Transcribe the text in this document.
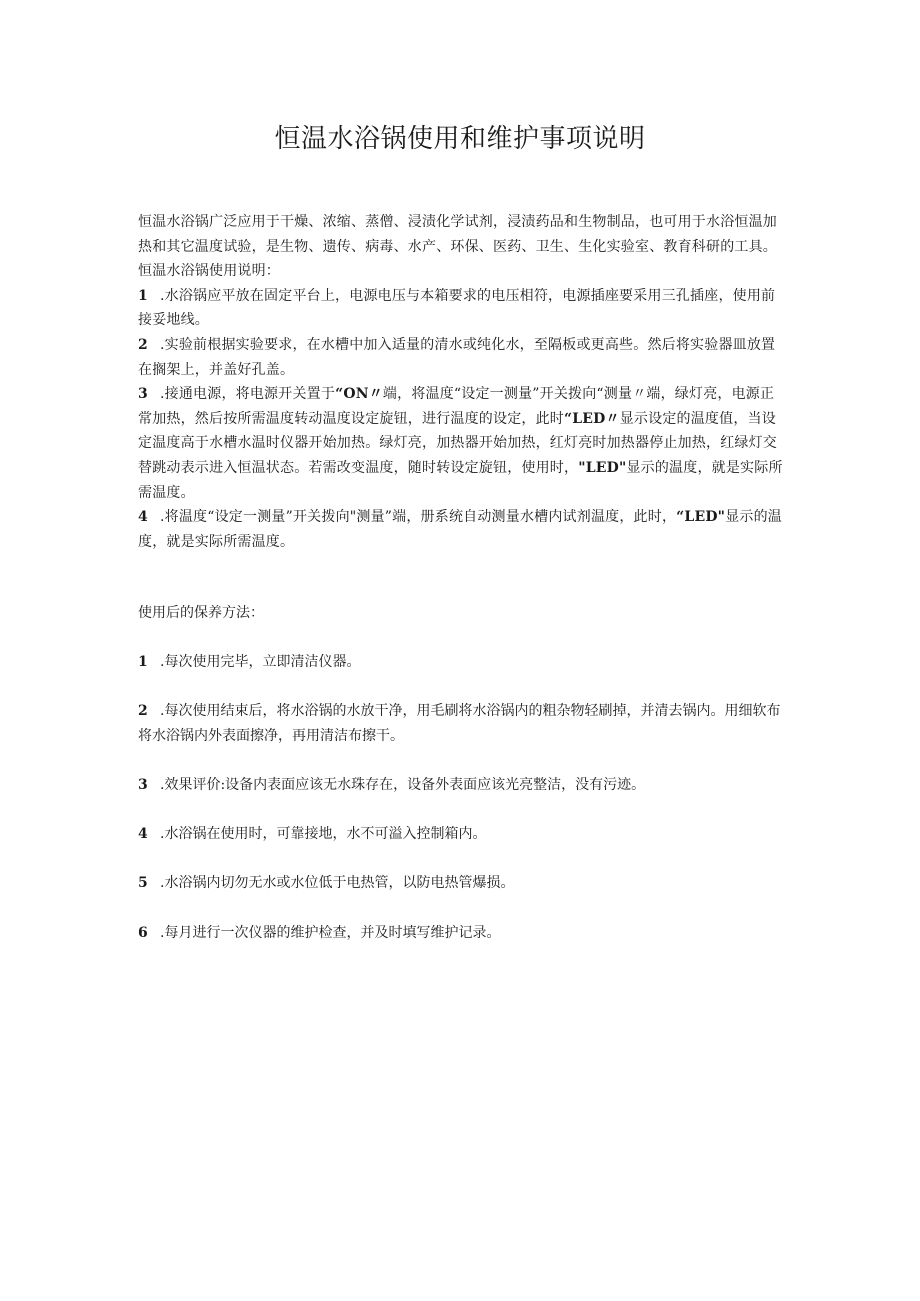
恒温水浴锅使用和维护事项说明

恒温水浴锅广泛应用于干燥、浓缩、蒸僧、浸渍化学试剂，浸渍药品和生物制品，也可用于水浴恒温加热和其它温度试验，是生物、遗传、病毒、水产、环保、医药、卫生、生化实验室、教育科研的工具。

恒温水浴锅使用说明：

1 .水浴锅应平放在固定平台上，电源电压与本箱要求的电压相符，电源插座要采用三孔插座，使用前接妥地线。

2 .实验前根据实验要求，在水槽中加入适量的清水或纯化水，至隔板或更高些。然后将实验器皿放置在搁架上，并盖好孔盖。

3 .接通电源，将电源开关置于“ON〃端，将温度“设定一测量”开关拨向“测量〃端，绿灯亮，电源正常加热，然后按所需温度转动温度设定旋钮，进行温度的设定，此时“LED〃显示设定的温度值，当设定温度高于水槽水温时仪器开始加热。绿灯亮，加热器开始加热，红灯亮时加热器停止加热，红绿灯交替跳动表示进入恒温状态。若需改变温度，随时转设定旋钮，使用时，"LED"显示的温度，就是实际所需温度。

4 .将温度“设定一测量”开关拨向"测量”端，册系统自动测量水槽内试剂温度，此时，“LED"显示的温度，就是实际所需温度。

使用后的保养方法：

1 .每次使用完毕，立即清洁仪器。

2 .每次使用结束后，将水浴锅的水放干净，用毛刷将水浴锅内的粗杂物轻刷掉，并清去锅内。用细软布将水浴锅内外表面擦净，再用清洁布擦干。

3 .效果评价:设备内表面应该无水珠存在，设备外表面应该光亮整洁，没有污迹。

4 .水浴锅在使用时，可靠接地，水不可溢入控制箱内。

5 .水浴锅内切勿无水或水位低于电热管，以防电热管爆损。

6 .每月进行一次仪器的维护检查，并及时填写维护记录。
